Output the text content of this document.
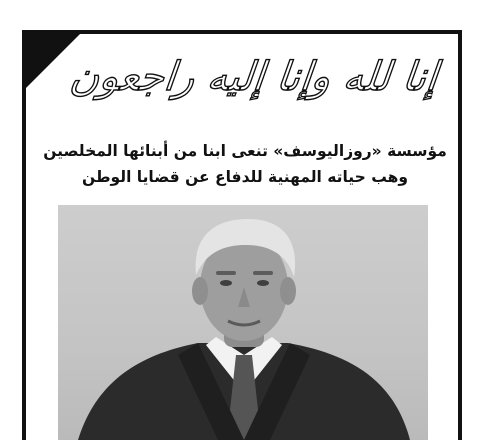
إنا لله وإنا إليه راجعون
مؤسسة «روزاليوسف» تنعى ابنا من أبنائها المخلصين
وهب حياته المهنية للدفاع عن قضايا الوطن
